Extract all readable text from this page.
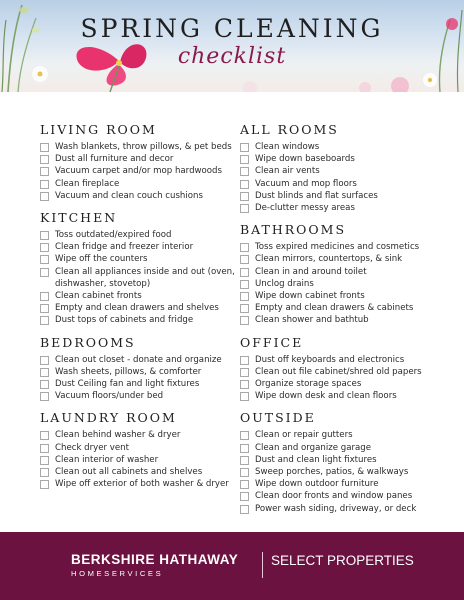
SPRING CLEANING
checklist
LIVING ROOM
Wash blankets, throw pillows, & pet beds
Dust all furniture and decor
Vacuum carpet and/or mop hardwoods
Clean fireplace
Vacuum and clean couch cushions
KITCHEN
Toss outdated/expired food
Clean fridge and freezer interior
Wipe off the counters
Clean all appliances inside and out (oven, dishwasher, stovetop)
Clean cabinet fronts
Empty and clean drawers and shelves
Dust tops of cabinets and fridge
BEDROOMS
Clean out closet - donate and organize
Wash sheets, pillows, & comforter
Dust Ceiling fan and light fixtures
Vacuum floors/under bed
LAUNDRY ROOM
Clean behind washer & dryer
Check dryer vent
Clean interior of washer
Clean out all cabinets and shelves
Wipe off exterior of both washer & dryer
ALL ROOMS
Clean windows
Wipe down baseboards
Clean air vents
Vacuum and mop floors
Dust blinds and flat surfaces
De-clutter messy areas
BATHROOMS
Toss expired medicines and cosmetics
Clean mirrors, countertops, & sink
Clean in and around toilet
Unclog drains
Wipe down cabinet fronts
Empty and clean drawers & cabinets
Clean shower and bathtub
OFFICE
Dust off keyboards and electronics
Clean out file cabinet/shred old papers
Organize storage spaces
Wipe down desk and clean floors
OUTSIDE
Clean or repair gutters
Clean and organize garage
Dust and clean light fixtures
Sweep porches, patios, & walkways
Wipe down outdoor furniture
Clean door fronts and window panes
Power wash siding, driveway, or deck
BERKSHIRE HATHAWAY
HOMESERVICES
SELECT PROPERTIES
